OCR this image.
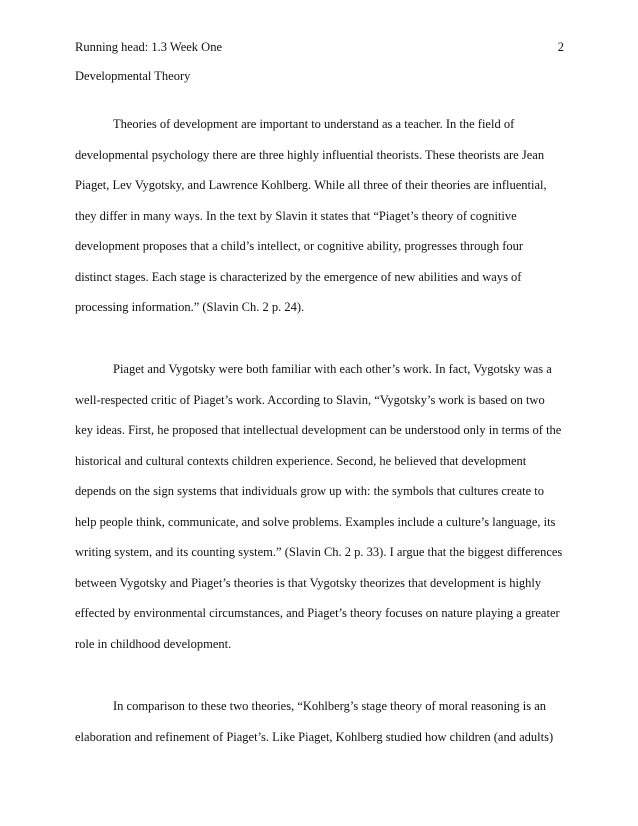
Running head: 1.3 Week One	2
Developmental Theory
Theories of development are important to understand as a teacher. In the field of
developmental psychology there are three highly influential theorists. These theorists are Jean
Piaget, Lev Vygotsky, and Lawrence Kohlberg. While all three of their theories are influential,
they differ in many ways. In the text by Slavin it states that “Piaget’s theory of cognitive
development proposes that a child’s intellect, or cognitive ability, progresses through four
distinct stages. Each stage is characterized by the emergence of new abilities and ways of
processing information.” (Slavin Ch. 2 p. 24).
Piaget and Vygotsky were both familiar with each other’s work. In fact, Vygotsky was a
well-respected critic of Piaget’s work. According to Slavin, “Vygotsky’s work is based on two
key ideas. First, he proposed that intellectual development can be understood only in terms of the
historical and cultural contexts children experience. Second, he believed that development
depends on the sign systems that individuals grow up with: the symbols that cultures create to
help people think, communicate, and solve problems. Examples include a culture’s language, its
writing system, and its counting system.” (Slavin Ch. 2 p. 33). I argue that the biggest differences
between Vygotsky and Piaget’s theories is that Vygotsky theorizes that development is highly
effected by environmental circumstances, and Piaget’s theory focuses on nature playing a greater
role in childhood development.
In comparison to these two theories, “Kohlberg’s stage theory of moral reasoning is an
elaboration and refinement of Piaget’s. Like Piaget, Kohlberg studied how children (and adults)
